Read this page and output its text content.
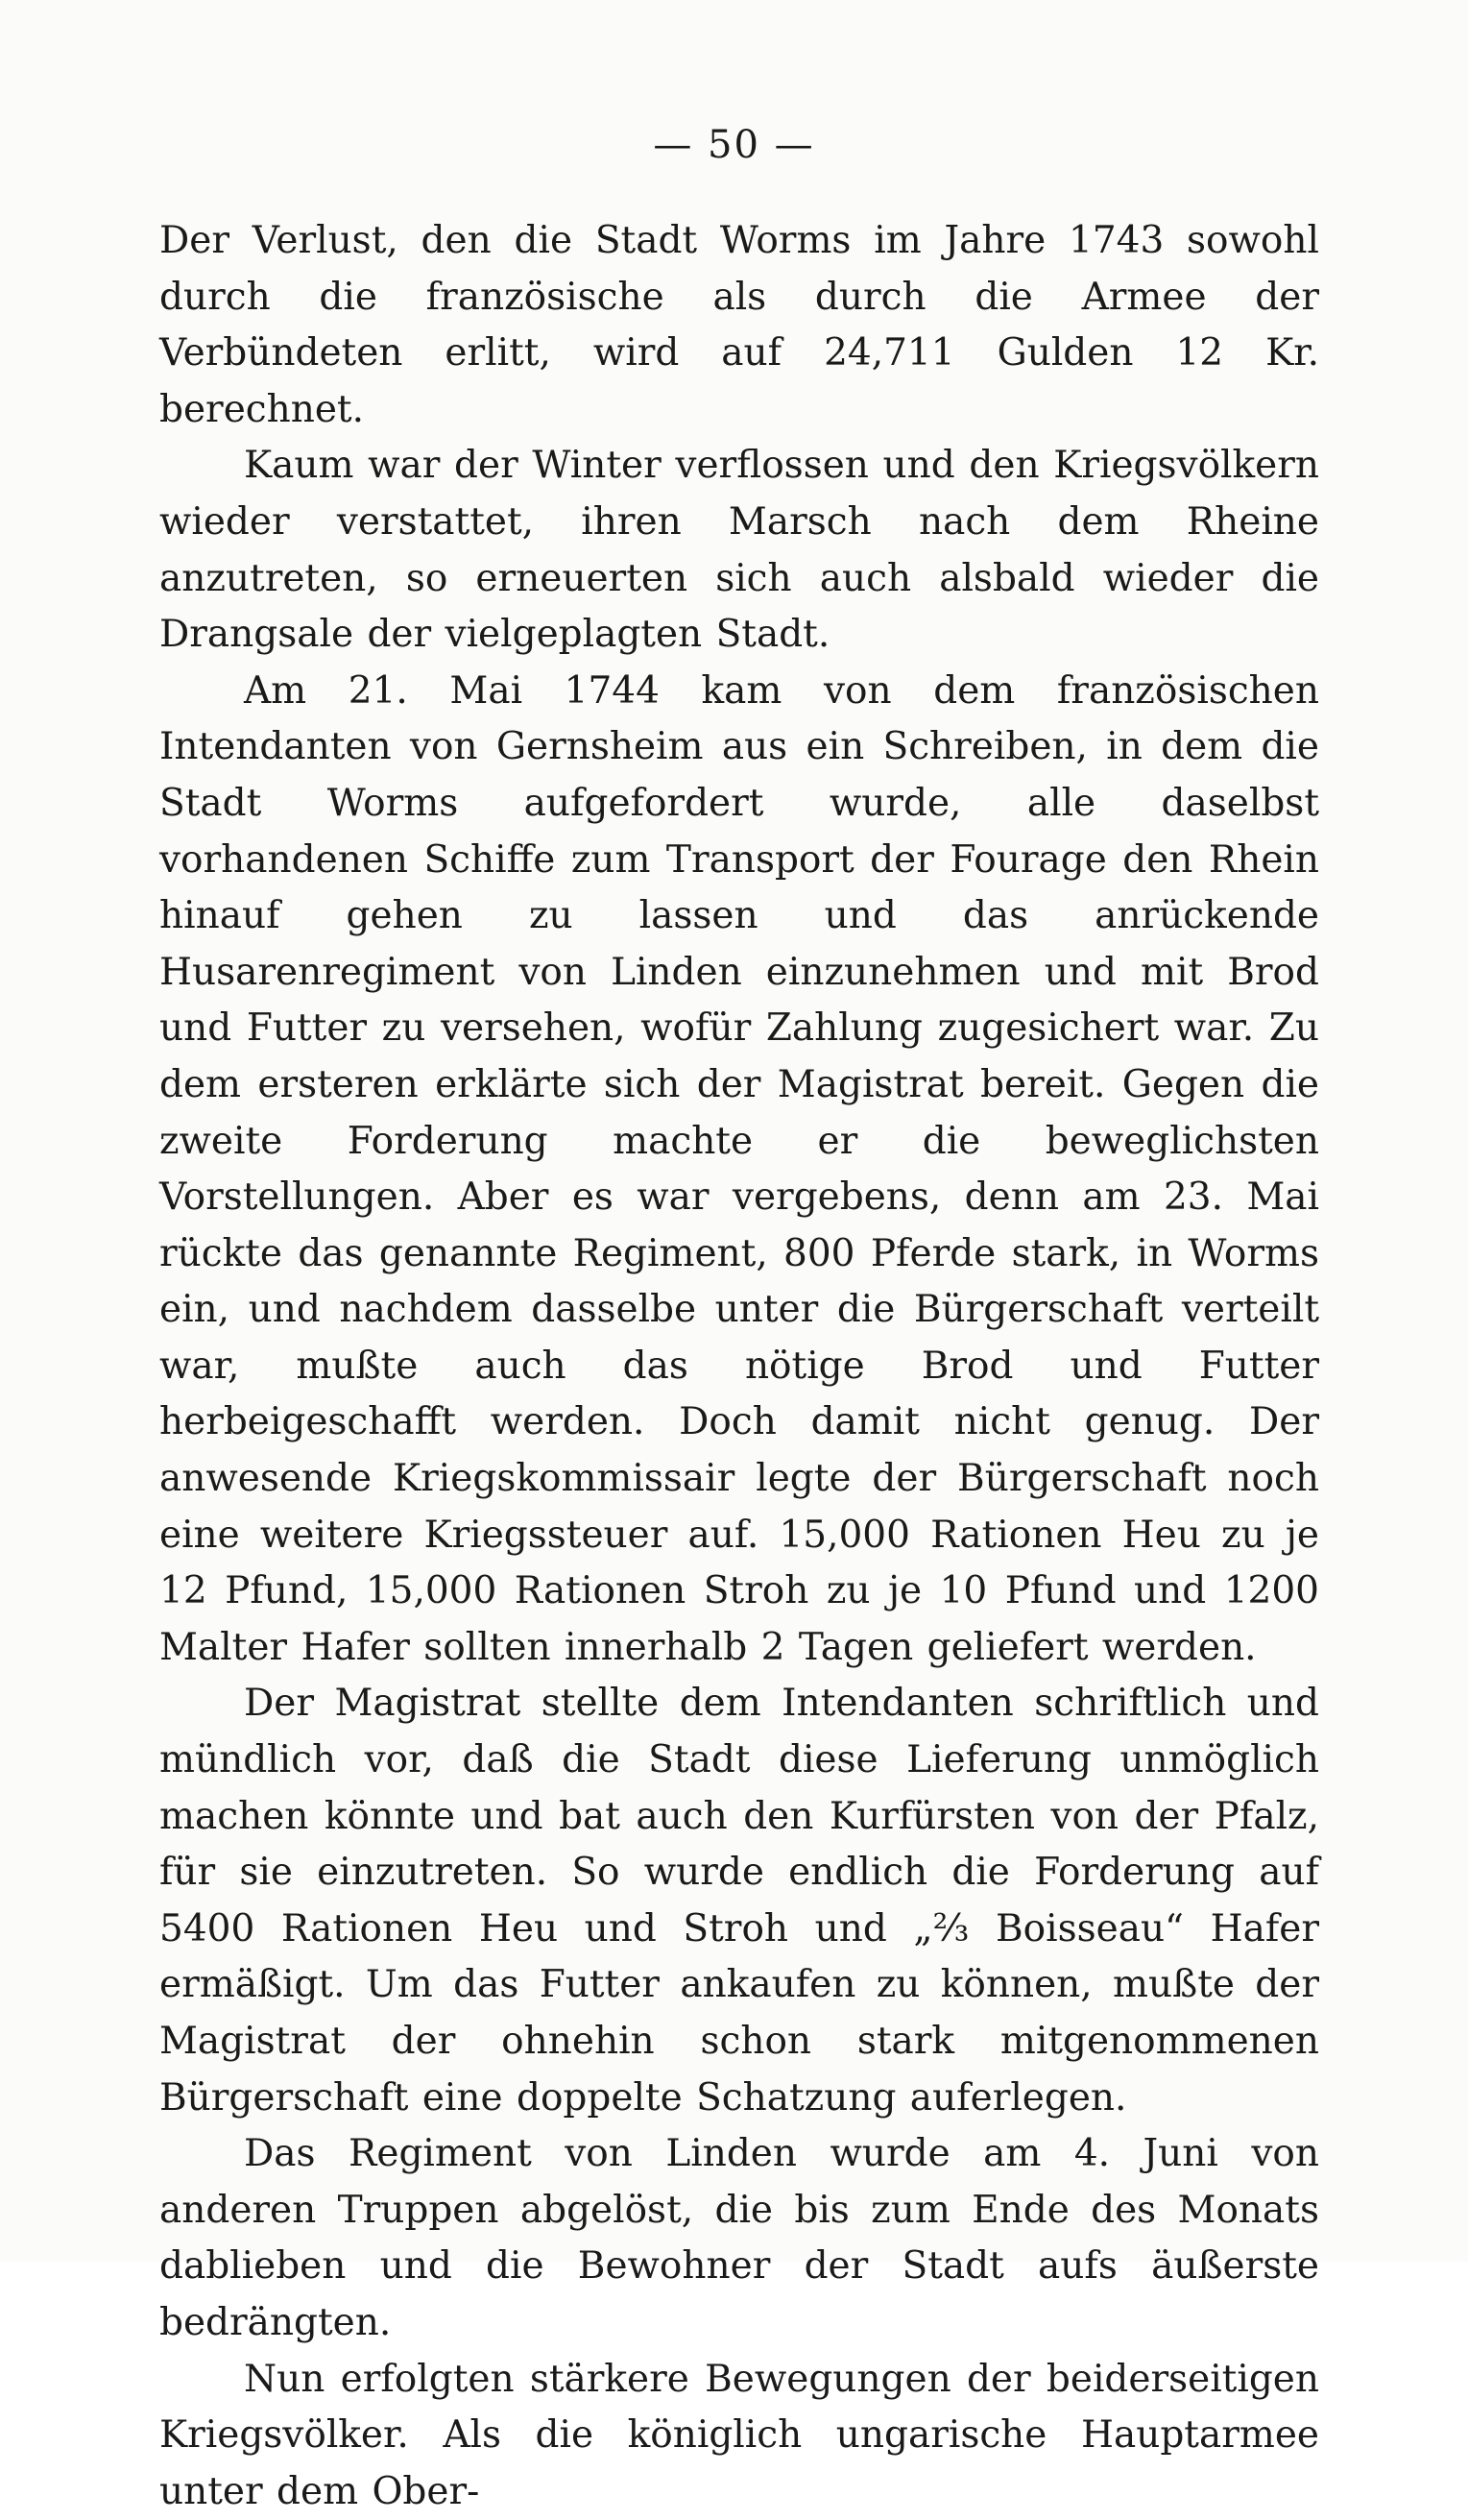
— 50 —

Der Verlust, den die Stadt Worms im Jahre 1743 sowohl durch die französische als durch die Armee der Verbündeten erlitt, wird auf 24,711 Gulden 12 Kr. berechnet.

Kaum war der Winter verflossen und den Kriegsvölkern wieder verstattet, ihren Marsch nach dem Rheine anzutreten, so erneuerten sich auch alsbald wieder die Drangsale der vielgeplagten Stadt.

Am 21. Mai 1744 kam von dem französischen Intendanten von Gernsheim aus ein Schreiben, in dem die Stadt Worms aufgefordert wurde, alle daselbst vorhandenen Schiffe zum Transport der Fourage den Rhein hinauf gehen zu lassen und das anrückende Husarenregiment von Linden einzunehmen und mit Brod und Futter zu versehen, wofür Zahlung zugesichert war. Zu dem ersteren erklärte sich der Magistrat bereit. Gegen die zweite Forderung machte er die beweglichsten Vorstellungen. Aber es war vergebens, denn am 23. Mai rückte das genannte Regiment, 800 Pferde stark, in Worms ein, und nachdem dasselbe unter die Bürgerschaft verteilt war, mußte auch das nötige Brod und Futter herbeigeschafft werden. Doch damit nicht genug. Der anwesende Kriegskommissair legte der Bürgerschaft noch eine weitere Kriegssteuer auf. 15,000 Rationen Heu zu je 12 Pfund, 15,000 Rationen Stroh zu je 10 Pfund und 1200 Malter Hafer sollten innerhalb 2 Tagen geliefert werden.

Der Magistrat stellte dem Intendanten schriftlich und mündlich vor, daß die Stadt diese Lieferung unmöglich machen könnte und bat auch den Kurfürsten von der Pfalz, für sie einzutreten. So wurde endlich die Forderung auf 5400 Rationen Heu und Stroh und „⅔ Boisseau“ Hafer ermäßigt. Um das Futter ankaufen zu können, mußte der Magistrat der ohnehin schon stark mitgenommenen Bürgerschaft eine doppelte Schatzung auferlegen.

Das Regiment von Linden wurde am 4. Juni von anderen Truppen abgelöst, die bis zum Ende des Monats dablieben und die Bewohner der Stadt aufs äußerste bedrängten.

Nun erfolgten stärkere Bewegungen der beiderseitigen Kriegsvölker. Als die königlich ungarische Hauptarmee unter dem Ober-
